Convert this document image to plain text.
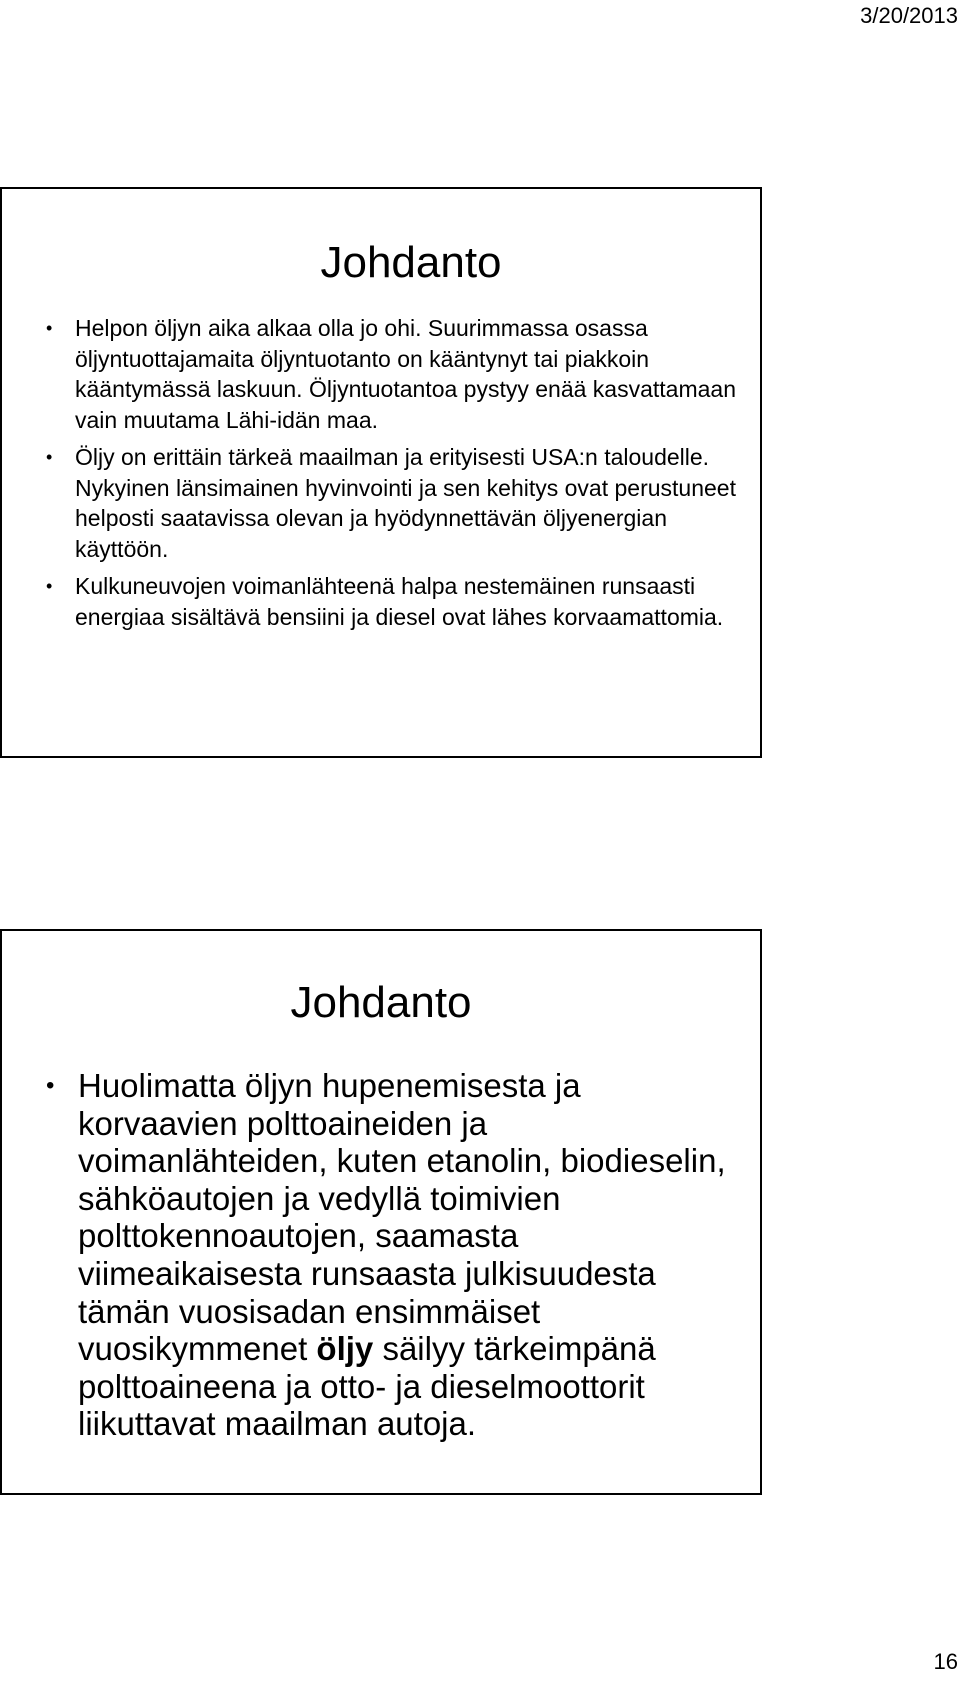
3/20/2013
Johdanto
• Helpon öljyn aika alkaa olla jo ohi. Suurimmassa osassa öljyntuottajamaita öljyntuotanto on kääntynyt tai piakkoin kääntymässä laskuun. Öljyntuotantoa pystyy enää kasvattamaan vain muutama Lähi-idän maa.
• Öljy on erittäin tärkeä maailman ja erityisesti USA:n taloudelle. Nykyinen länsimainen hyvinvointi ja sen kehitys ovat perustuneet helposti saatavissa olevan ja hyödynnettävän öljyenergian käyttöön.
• Kulkuneuvojen voimanlähteenä halpa nestemäinen runsaasti energiaa sisältävä bensiini ja diesel ovat lähes korvaamattomia.
Johdanto
• Huolimatta öljyn hupenemisesta ja korvaavien polttoaineiden ja voimanlähteiden, kuten etanolin, biodieselin, sähköautojen ja vedyllä toimivien polttokennoautojen, saamasta viimeaikaisesta runsaasta julkisuudesta tämän vuosisadan ensimmäiset vuosikymmenet öljy säilyy tärkeimpänä polttoaineena ja otto- ja dieselmoottorit liikuttavat maailman autoja.
16
